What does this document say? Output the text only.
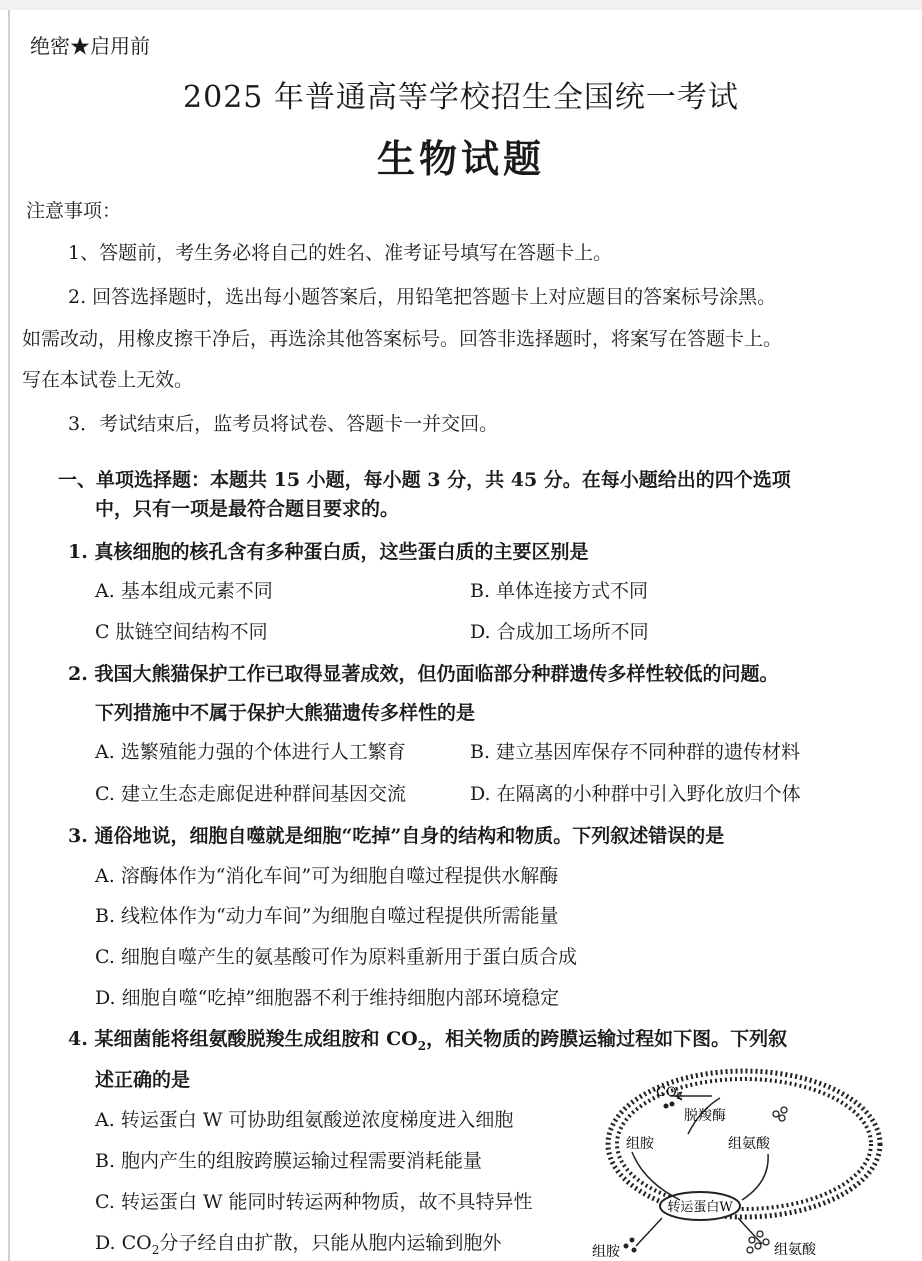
绝密★启用前
2025 年普通高等学校招生全国统一考试
生物试题
注意事项：
1、答题前，考生务必将自己的姓名、准考证号填写在答题卡上。
2. 回答选择题时，选出每小题答案后，用铅笔把答题卡上对应题目的答案标号涂黑。
如需改动，用橡皮擦干净后，再选涂其他答案标号。回答非选择题时，将案写在答题卡上。
写在本试卷上无效。
3．考试结束后，监考员将试卷、答题卡一并交回。
一、单项选择题：本题共 15 小题，每小题 3 分，共 45 分。在每小题给出的四个选项
中，只有一项是最符合题目要求的。
1. 真核细胞的核孔含有多种蛋白质，这些蛋白质的主要区别是
A. 基本组成元素不同	B. 单体连接方式不同
C 肽链空间结构不同	D. 合成加工场所不同
2. 我国大熊猫保护工作已取得显著成效，但仍面临部分种群遗传多样性较低的问题。
下列措施中不属于保护大熊猫遗传多样性的是
A. 选繁殖能力强的个体进行人工繁育	B. 建立基因库保存不同种群的遗传材料
C. 建立生态走廊促进种群间基因交流	D. 在隔离的小种群中引入野化放归个体
3. 通俗地说，细胞自噬就是细胞“吃掉”自身的结构和物质。下列叙述错误的是
A. 溶酶体作为“消化车间”可为细胞自噬过程提供水解酶
B. 线粒体作为“动力车间”为细胞自噬过程提供所需能量
C. 细胞自噬产生的氨基酸可作为原料重新用于蛋白质合成
D. 细胞自噬“吃掉”细胞器不利于维持细胞内部环境稳定
4. 某细菌能将组氨酸脱羧生成组胺和 $CO_2$，相关物质的跨膜运输过程如下图。下列叙
述正确的是
A. 转运蛋白 W 可协助组氨酸逆浓度梯度进入细胞
B. 胞内产生的组胺跨膜运输过程需要消耗能量
C. 转运蛋白 W 能同时转运两种物质，故不具特异性
D. $CO_2$分子经自由扩散，只能从胞内运输到胞外
转运蛋白W
$CO_2$
脱羧酶
组胺	组氨酸
组胺	组氨酸
